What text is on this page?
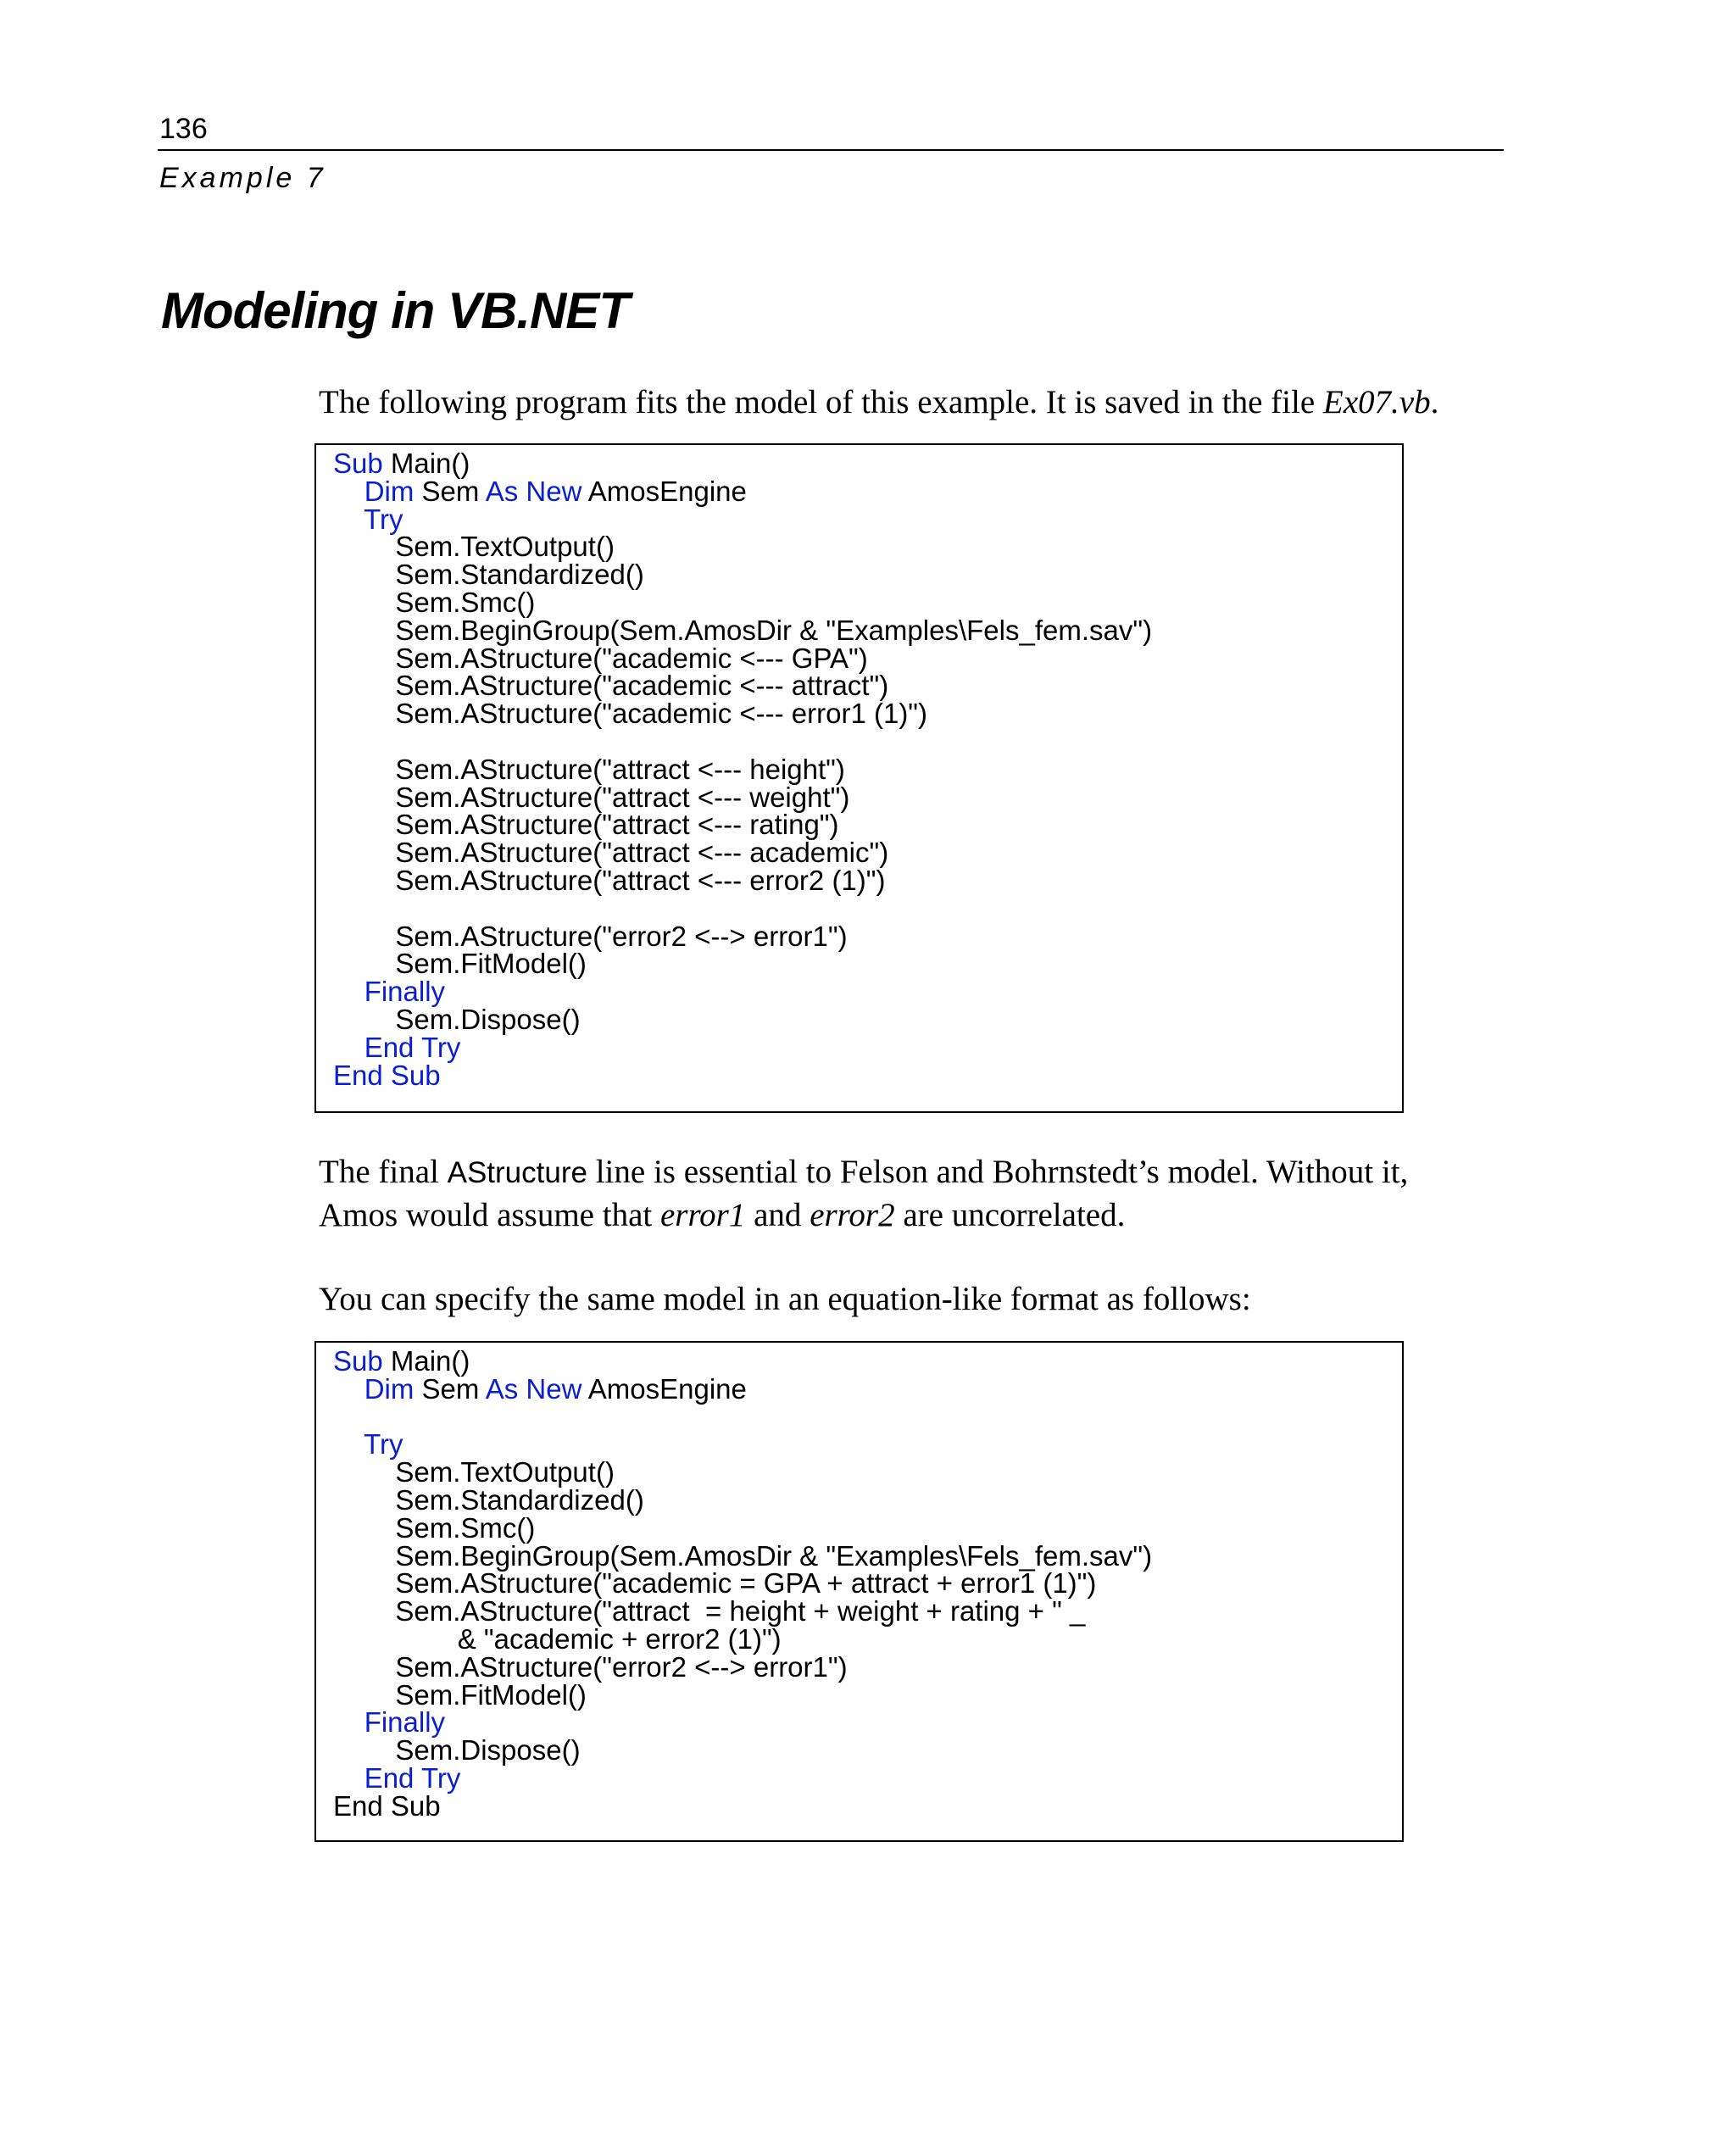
136
Example 7
Modeling in VB.NET

The following program fits the model of this example. It is saved in the file Ex07.vb.

Sub Main()
Dim Sem As New AmosEngine
Try
Sem.TextOutput()
Sem.Standardized()
Sem.Smc()
Sem.BeginGroup(Sem.AmosDir & "Examples\Fels_fem.sav")
Sem.AStructure("academic <--- GPA")
Sem.AStructure("academic <--- attract")
Sem.AStructure("academic <--- error1 (1)")
Sem.AStructure("attract <--- height")
Sem.AStructure("attract <--- weight")
Sem.AStructure("attract <--- rating")
Sem.AStructure("attract <--- academic")
Sem.AStructure("attract <--- error2 (1)")
Sem.AStructure("error2 <--> error1")
Sem.FitModel()
Finally
Sem.Dispose()
End Try
End Sub

The final AStructure line is essential to Felson and Bohrnstedt’s model. Without it, Amos would assume that error1 and error2 are uncorrelated.

You can specify the same model in an equation-like format as follows:

Sub Main()
Dim Sem As New AmosEngine
Try
Sem.TextOutput()
Sem.Standardized()
Sem.Smc()
Sem.BeginGroup(Sem.AmosDir & "Examples\Fels_fem.sav")
Sem.AStructure("academic = GPA + attract + error1 (1)")
Sem.AStructure("attract  = height + weight + rating + " _
& "academic + error2 (1)")
Sem.AStructure("error2 <--> error1")
Sem.FitModel()
Finally
Sem.Dispose()
End Try
End Sub
